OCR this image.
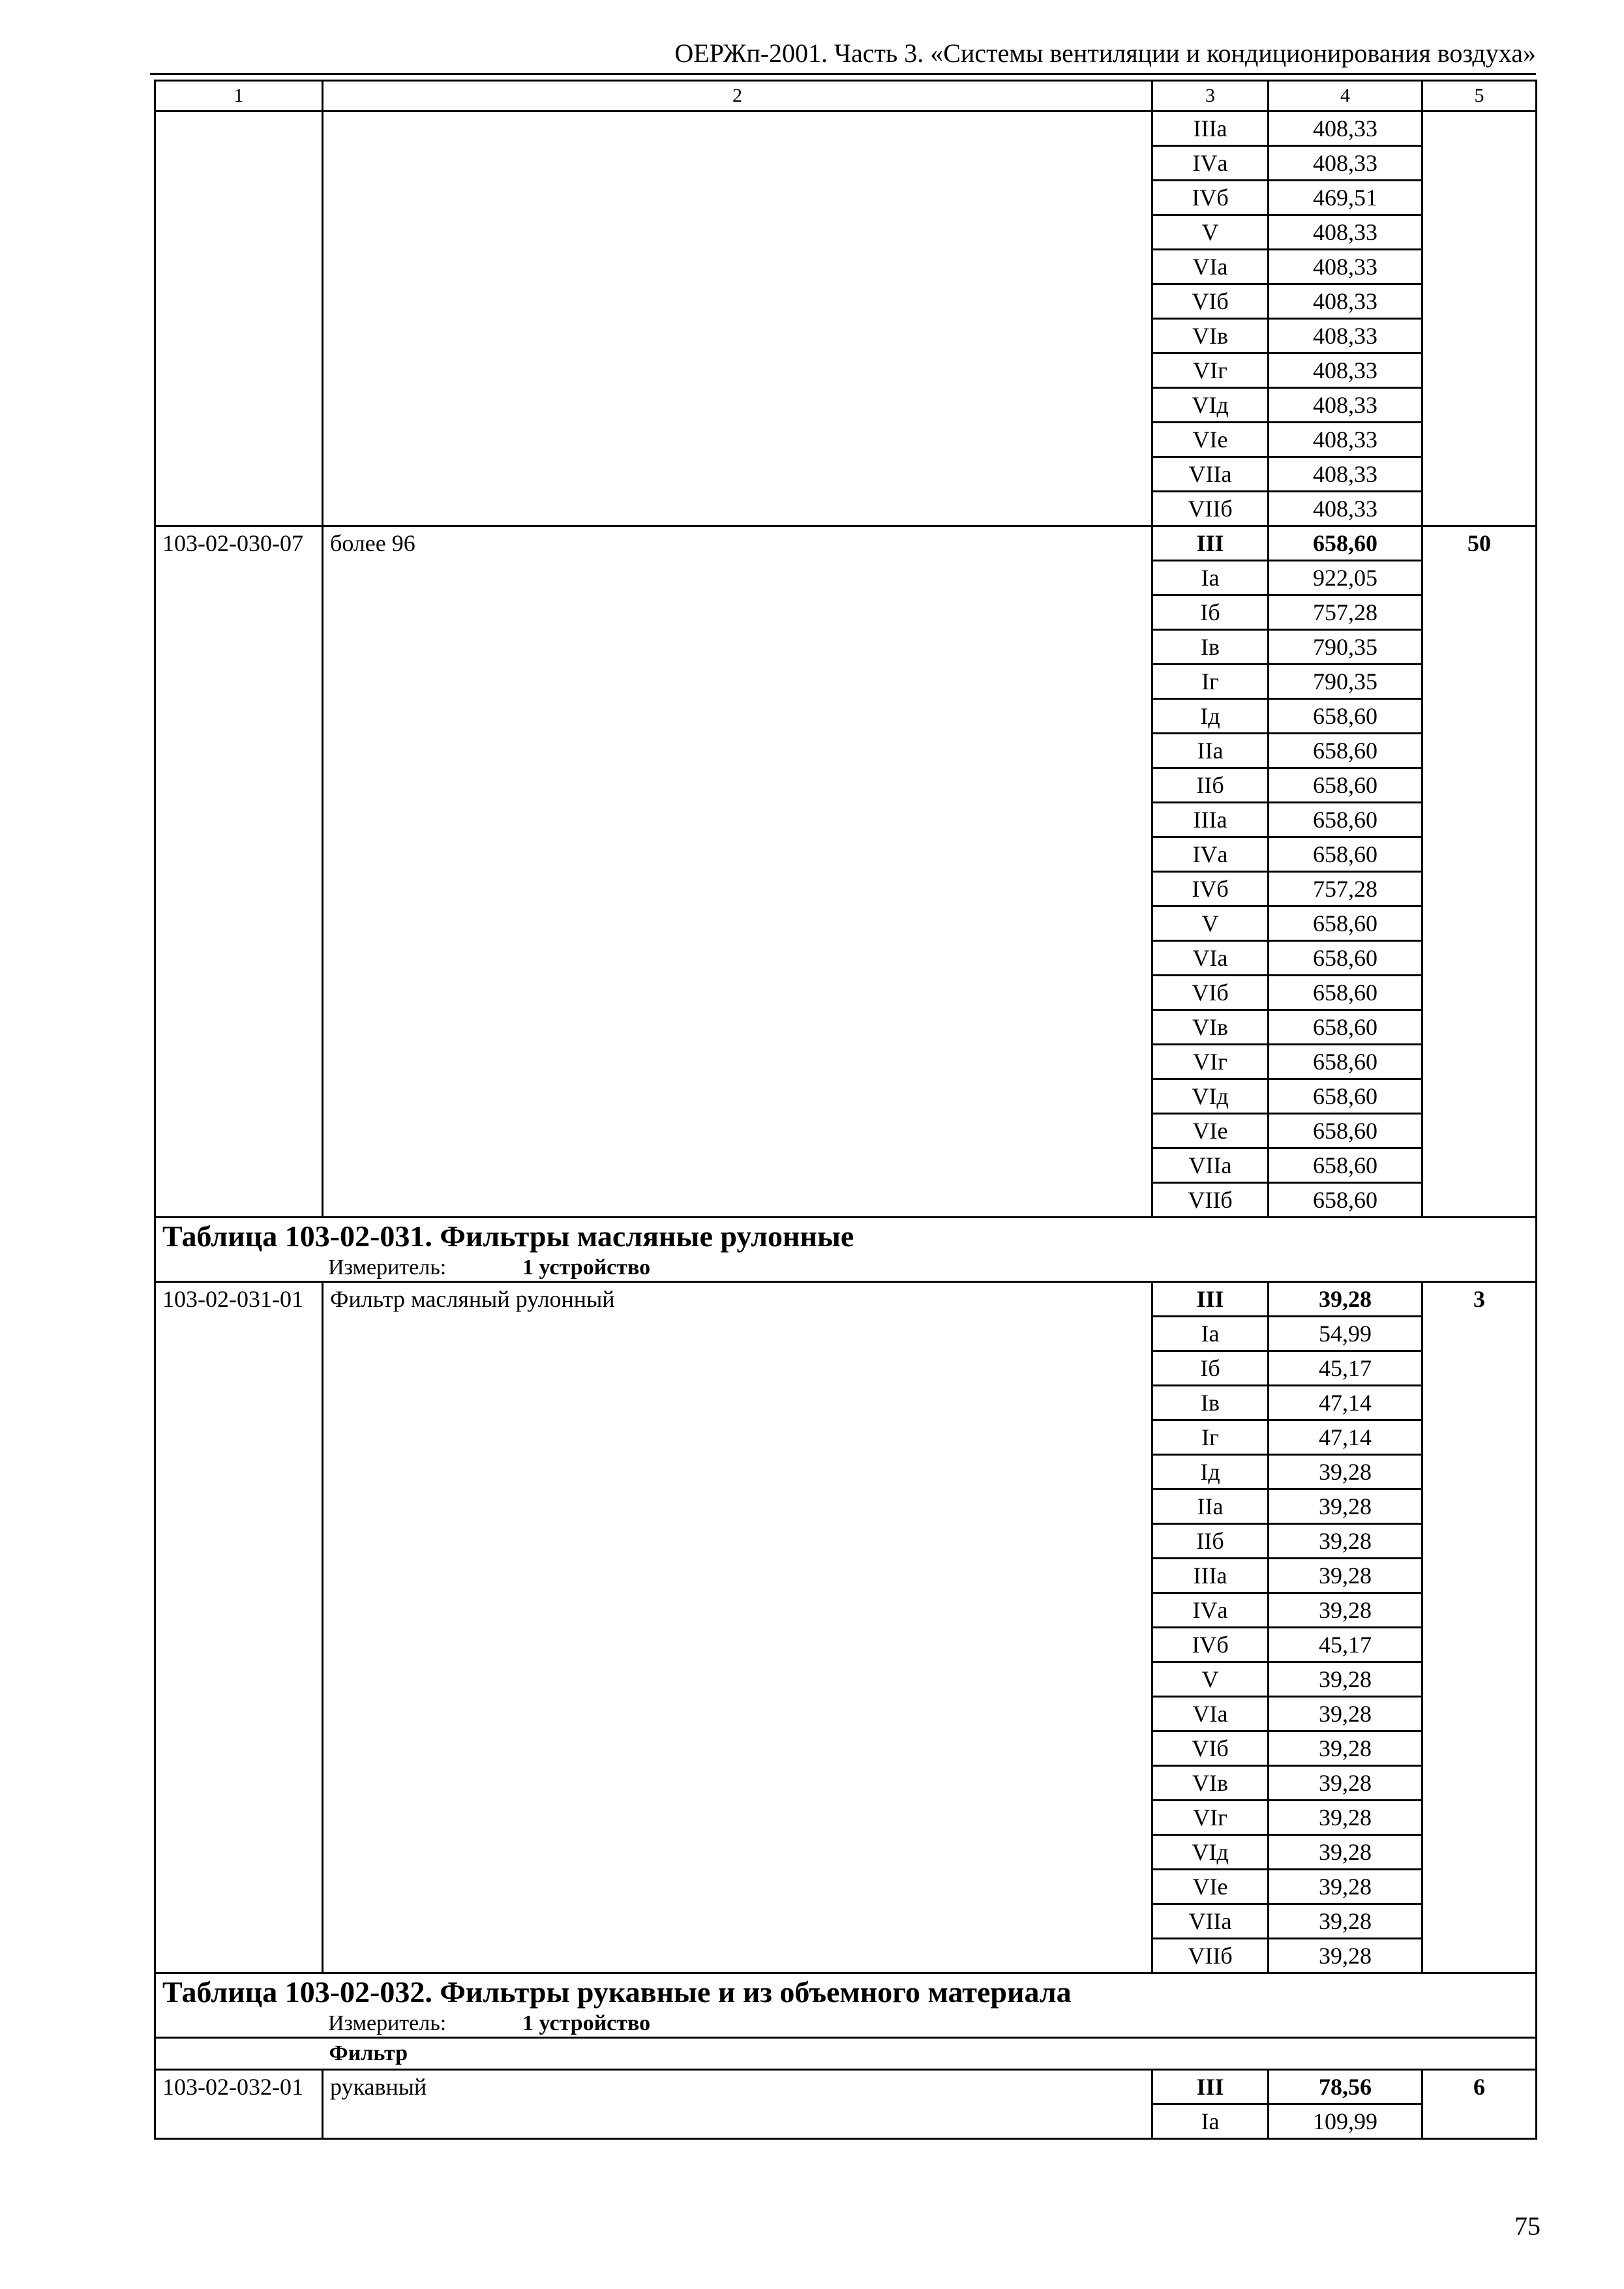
ОЕРЖп-2001. Часть 3. «Системы вентиляции и кондиционирования воздуха»
1	2	3	4	5
		IIIа	408,33	
		IVа	408,33	
		IVб	469,51	
		V	408,33	
		VIа	408,33	
		VIб	408,33	
		VIв	408,33	
		VIг	408,33	
		VIд	408,33	
		VIе	408,33	
		VIIа	408,33	
		VIIб	408,33	
103-02-030-07	более 96	III	658,60	50
		Iа	922,05	
		Iб	757,28	
		Iв	790,35	
		Iг	790,35	
		Iд	658,60	
		IIа	658,60	
		IIб	658,60	
		IIIа	658,60	
		IVа	658,60	
		IVб	757,28	
		V	658,60	
		VIа	658,60	
		VIб	658,60	
		VIв	658,60	
		VIг	658,60	
		VIд	658,60	
		VIе	658,60	
		VIIа	658,60	
		VIIб	658,60	

Таблица 103-02-031. Фильтры масляные рулонные
Измеритель: 1 устройство				

103-02-031-01	Фильтр масляный рулонный	III	39,28	3
		Iа	54,99	
		Iб	45,17	
		Iв	47,14	
		Iг	47,14	
		Iд	39,28	
		IIа	39,28	
		IIб	39,28	
		IIIа	39,28	
		IVа	39,28	
		IVб	45,17	
		V	39,28	
		VIа	39,28	
		VIб	39,28	
		VIв	39,28	
		VIг	39,28	
		VIд	39,28	
		VIе	39,28	
		VIIа	39,28	
		VIIб	39,28	

Таблица 103-02-032. Фильтры рукавные и из объемного материала
Измеритель: 1 устройство				

	Фильтр			
103-02-032-01	рукавный	III	78,56	6
		Iа	109,99	
75
